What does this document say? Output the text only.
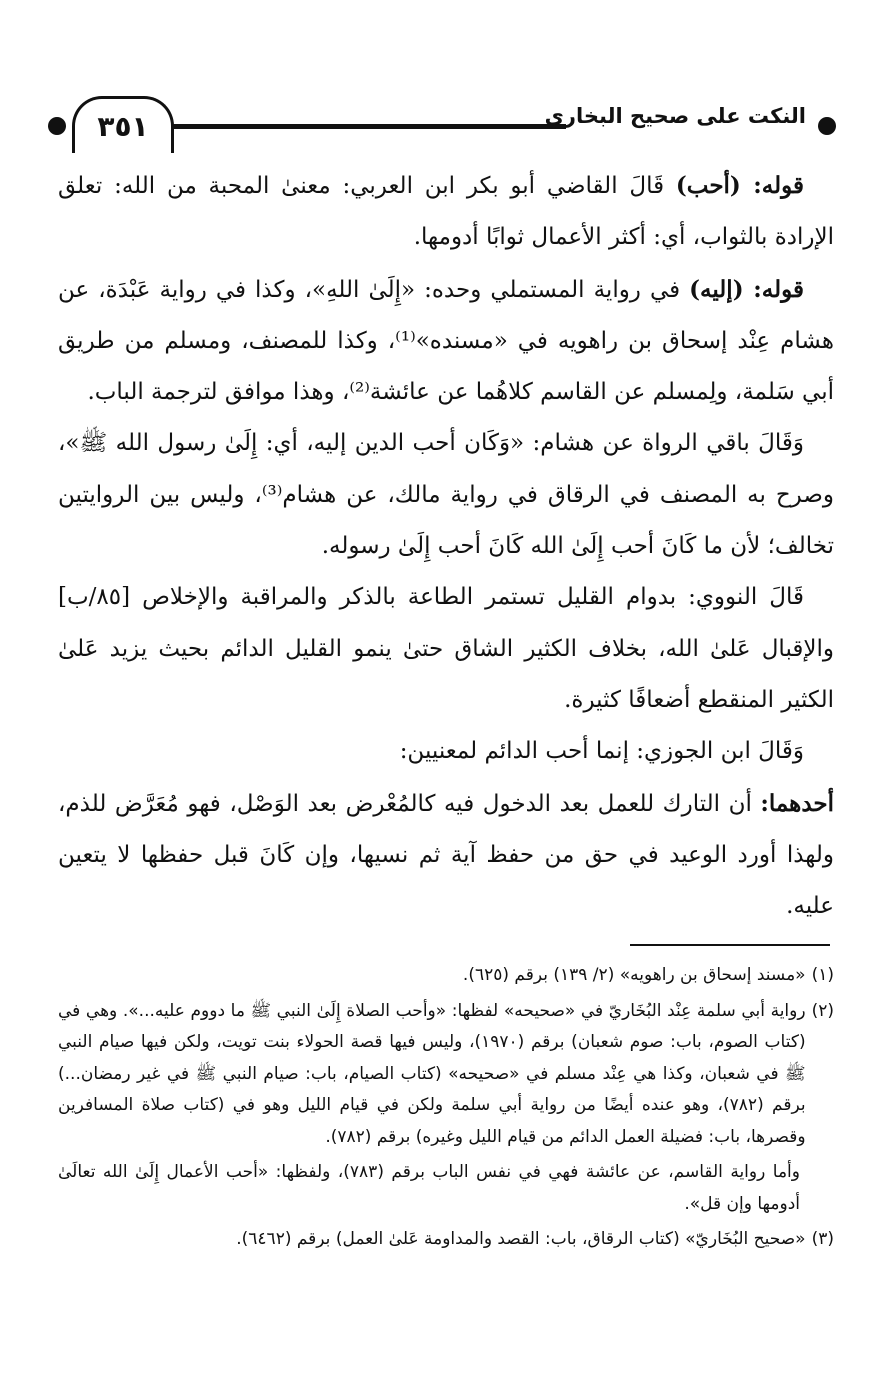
٣٥١	النكت على صحيح البخاري

قوله: (أحب) قَالَ القاضي أبو بكر ابن العربي: معنىٰ المحبة من الله: تعلق الإرادة بالثواب، أي: أكثر الأعمال ثوابًا أدومها.

قوله: (إليه) في رواية المستملي وحده: «إِلَىٰ اللهِ»، وكذا في رواية عَبْدَة، عن هشام عِنْد إسحاق بن راهويه في «مسنده»⁽¹⁾، وكذا للمصنف، ومسلم من طريق أبي سَلمة، ولِمسلم عن القاسم كلاهُما عن عائشة⁽²⁾، وهذا موافق لترجمة الباب.

وَقَالَ باقي الرواة عن هشام: «وَكَان أحب الدين إليه، أي: إِلَىٰ رسول الله ﷺ»، وصرح به المصنف في الرقاق في رواية مالك، عن هشام⁽³⁾، وليس بين الروايتين تخالف؛ لأن ما كَانَ أحب إِلَىٰ الله كَانَ أحب إِلَىٰ رسوله.

قَالَ النووي: بدوام القليل تستمر الطاعة بالذكر والمراقبة والإخلاص [٨٥/ب] والإقبال عَلىٰ الله، بخلاف الكثير الشاق حتىٰ ينمو القليل الدائم بحيث يزيد عَلىٰ الكثير المنقطع أضعافًا كثيرة.

وَقَالَ ابن الجوزي: إنما أحب الدائم لمعنيين:

أحدهما: أن التارك للعمل بعد الدخول فيه كالمُعْرض بعد الوَصْل، فهو مُعَرَّض للذم، ولهذا أورد الوعيد في حق من حفظ آية ثم نسيها، وإن كَانَ قبل حفظها لا يتعين عليه.

(١)
«مسند إسحاق بن راهويه» (٢/ ١٣٩) برقم (٦٢٥).
(٢)
رواية أبي سلمة عِنْد البُخَاريّ في «صحيحه» لفظها: «وأحب الصلاة إِلَىٰ النبي ﷺ ما دووم عليه...». وهي في (كتاب الصوم، باب: صوم شعبان) برقم (١٩٧٠)، وليس فيها قصة الحولاء بنت تويت، ولكن فيها صيام النبي ﷺ في شعبان، وكذا هي عِنْد مسلم في «صحيحه» (كتاب الصيام، باب: صيام النبي ﷺ في غير رمضان...) برقم (٧٨٢)، وهو عنده أيضًا من رواية أبي سلمة ولكن في قيام الليل وهو في (كتاب صلاة المسافرين وقصرها، باب: فضيلة العمل الدائم من قيام الليل وغيره) برقم (٧٨٢).

وأما رواية القاسم، عن عائشة فهي في نفس الباب برقم (٧٨٣)، ولفظها: «أحب الأعمال إِلَىٰ الله تعالَىٰ أدومها وإن قل».

(٣)
«صحيح البُخَاريّ» (كتاب الرقاق، باب: القصد والمداومة عَلىٰ العمل) برقم (٦٤٦٢).
